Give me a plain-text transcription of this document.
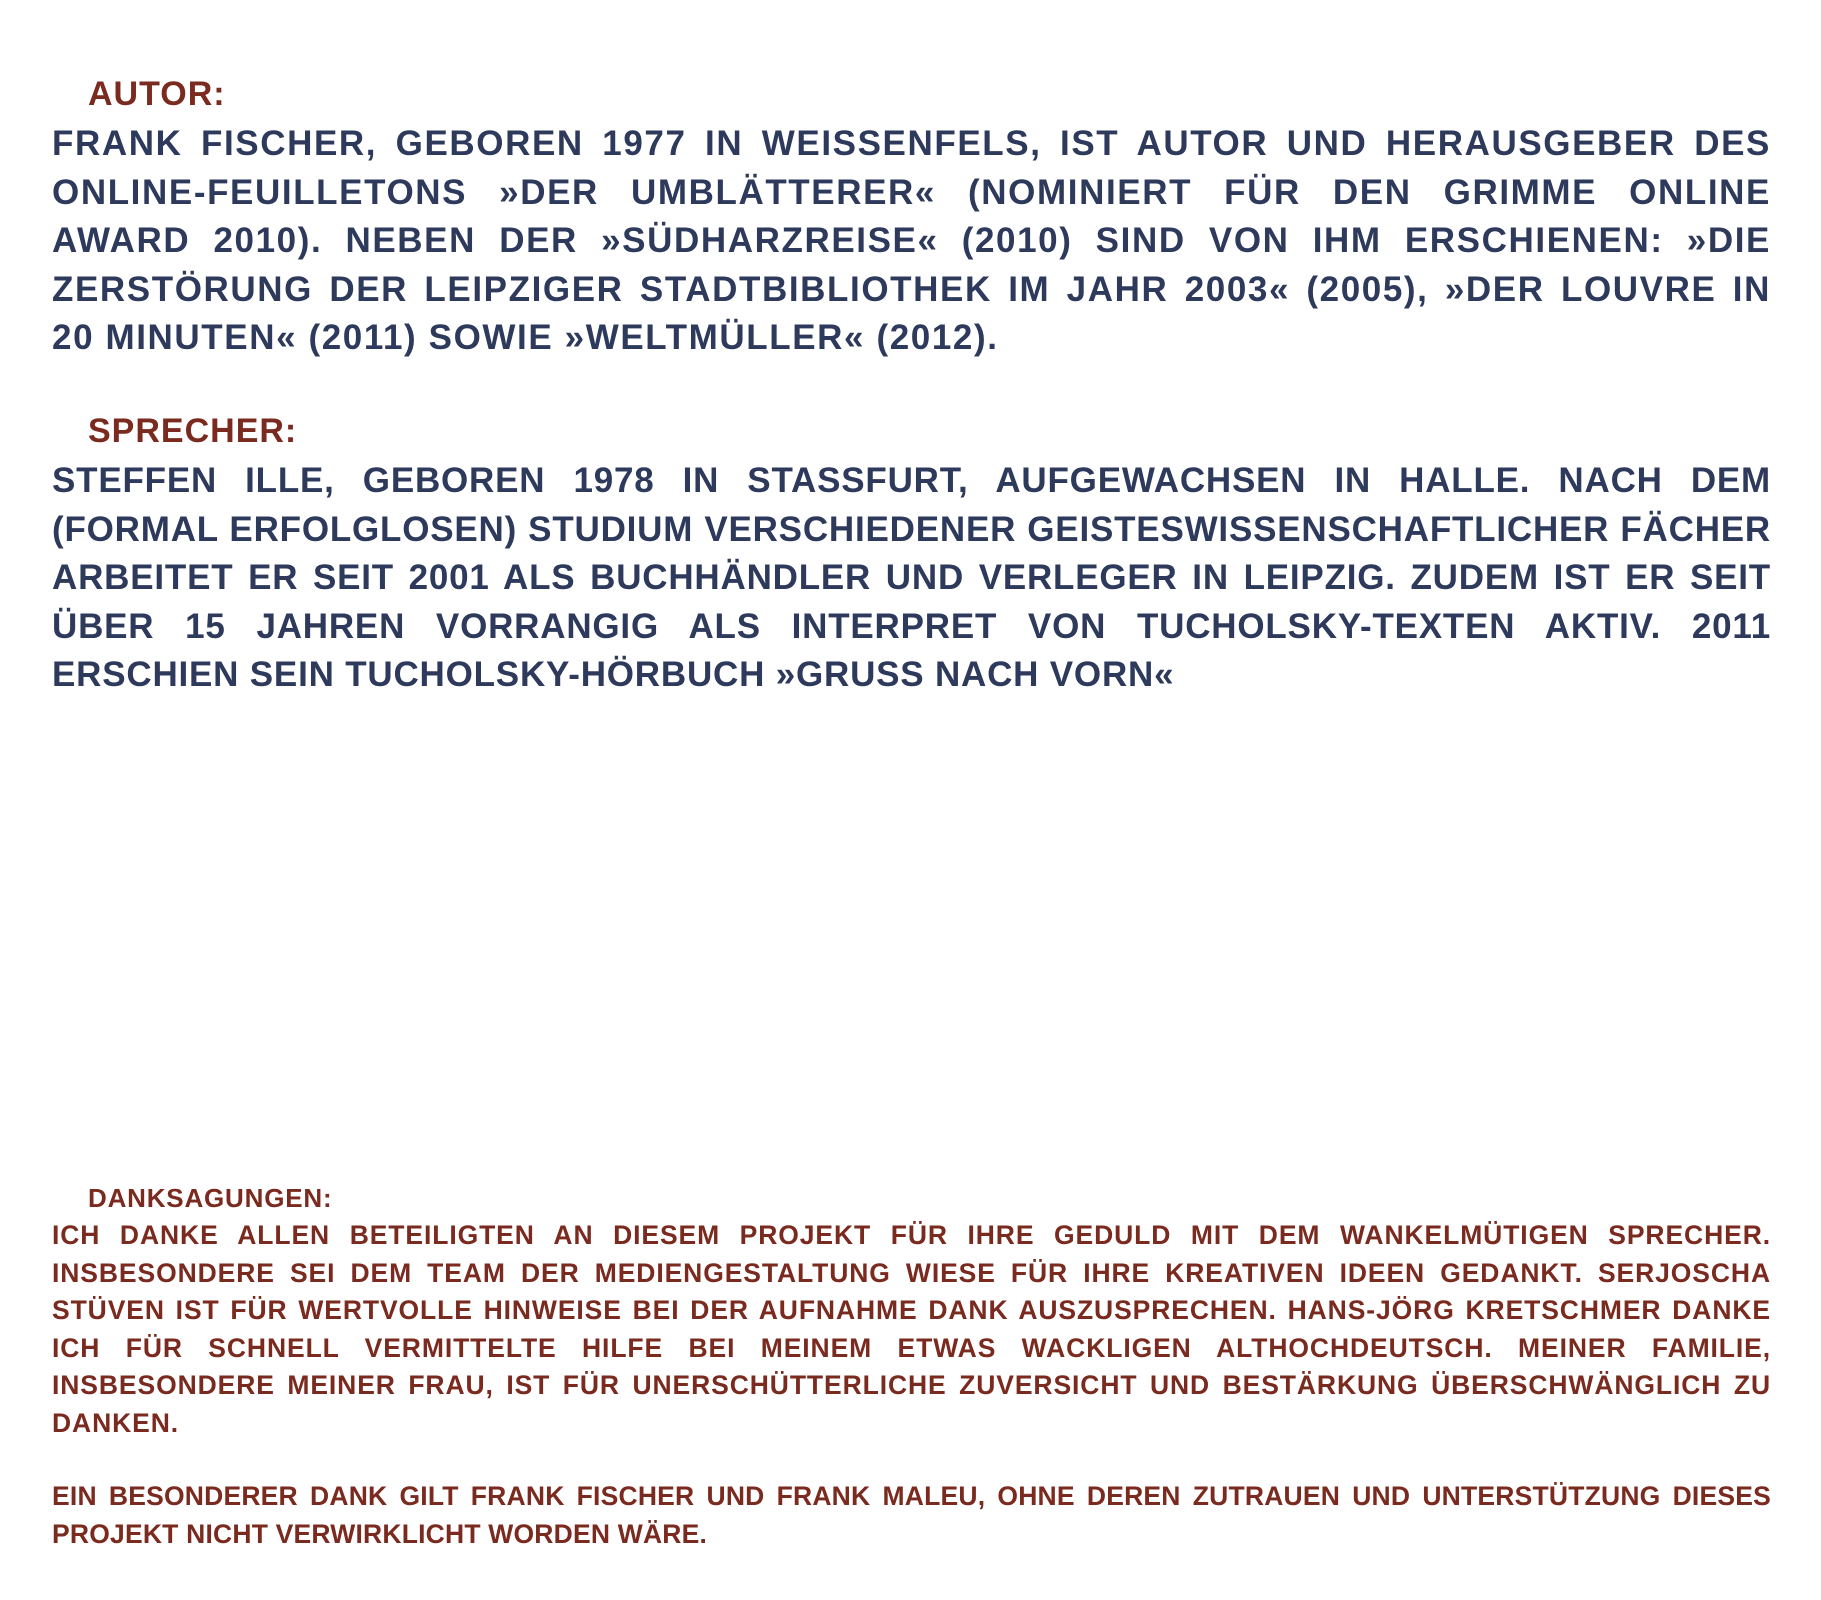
AUTOR:

FRANK FISCHER, GEBOREN 1977 IN WEISSENFELS, IST AUTOR UND HERAUSGEBER DES ONLINE-FEUILLETONS »DER UMBLÄTTERER« (NOMINIERT FÜR DEN GRIMME ONLINE AWARD 2010). NEBEN DER »SÜDHARZREISE« (2010) SIND VON IHM ERSCHIENEN: »DIE ZERSTÖRUNG DER LEIPZIGER STADTBIBLIOTHEK IM JAHR 2003« (2005), »DER LOUVRE IN 20 MINUTEN« (2011) SOWIE »WELTMÜLLER« (2012).

SPRECHER:

STEFFEN ILLE, GEBOREN 1978 IN STASSFURT, AUFGEWACHSEN IN HALLE. NACH DEM (FORMAL ERFOLGLOSEN) STUDIUM VERSCHIEDENER GEISTESWISSENSCHAFTLICHER FÄCHER ARBEITET ER SEIT 2001 ALS BUCHHÄNDLER UND VERLEGER IN LEIPZIG. ZUDEM IST ER SEIT ÜBER 15 JAHREN VORRANGIG ALS INTERPRET VON TUCHOLSKY-TEXTEN AKTIV. 2011 ERSCHIEN SEIN TUCHOLSKY-HÖRBUCH »GRUSS NACH VORN«

DANKSAGUNGEN:

ICH DANKE ALLEN BETEILIGTEN AN DIESEM PROJEKT FÜR IHRE GEDULD MIT DEM WANKELMÜTIGEN SPRECHER. INSBESONDERE SEI DEM TEAM DER MEDIENGESTALTUNG WIESE FÜR IHRE KREATIVEN IDEEN GEDANKT. SERJOSCHA STÜVEN IST FÜR WERTVOLLE HINWEISE BEI DER AUFNAHME DANK AUSZUSPRECHEN. HANS-JÖRG KRETSCHMER DANKE ICH FÜR SCHNELL VERMITTELTE HILFE BEI MEINEM ETWAS WACKLIGEN ALTHOCHDEUTSCH. MEINER FAMILIE, INSBESONDERE MEINER FRAU, IST FÜR UNERSCHÜTTERLICHE ZUVERSICHT UND BESTÄRKUNG ÜBERSCHWÄNGLICH ZU DANKEN.

EIN BESONDERER DANK GILT FRANK FISCHER UND FRANK MALEU, OHNE DEREN ZUTRAUEN UND UNTERSTÜTZUNG DIESES PROJEKT NICHT VERWIRKLICHT WORDEN WÄRE.
